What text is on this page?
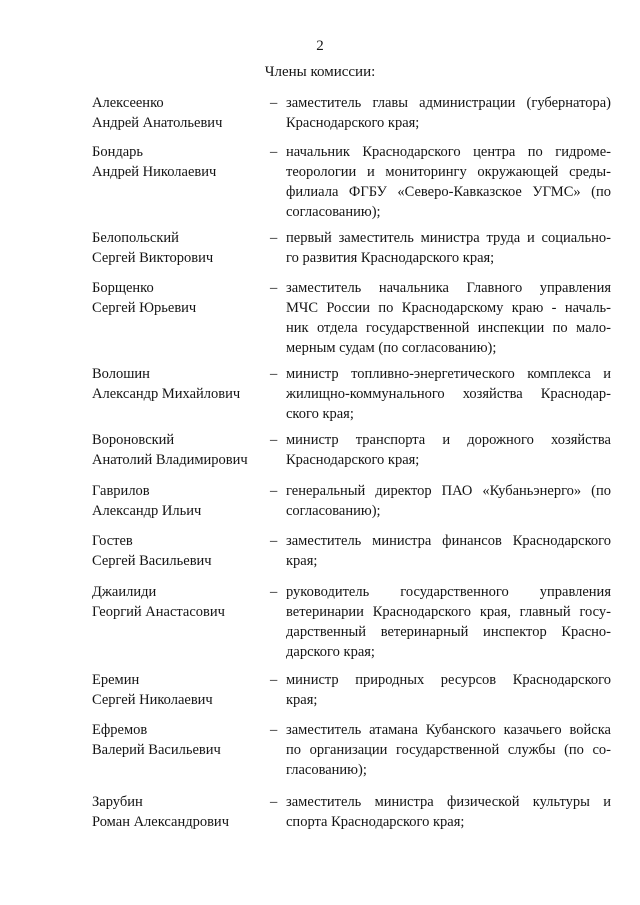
2
Члены комиссии:
Алексеенко
Андрей Анатольевич
– заместитель главы администрации (губернатора)
Краснодарского края;
Бондарь
Андрей Николаевич
– начальник Краснодарского центра по гидроме-
теорологии и мониторингу окружающей среды-
филиала ФГБУ «Северо-Кавказское УГМС» (по
согласованию);
Белопольский
Сергей Викторович
– первый заместитель министра труда и социально-
го развития Краснодарского края;
Борщенко
Сергей Юрьевич
– заместитель начальника Главного управления
МЧС России по Краснодарскому краю - началь-
ник отдела государственной инспекции по мало-
мерным судам (по согласованию);
Волошин
Александр Михайлович
– министр топливно-энергетического комплекса и
жилищно-коммунального хозяйства Краснодар-
ского края;
Вороновский
Анатолий Владимирович
– министр транспорта и дорожного хозяйства
Краснодарского края;
Гаврилов
Александр Ильич
– генеральный директор ПАО «Кубаньэнерго» (по
согласованию);
Гостев
Сергей Васильевич
– заместитель министра финансов Краснодарского
края;
Джаилиди
Георгий Анастасович
– руководитель государственного управления
ветеринарии Краснодарского края, главный госу-
дарственный ветеринарный инспектор Красно-
дарского края;
Еремин
Сергей Николаевич
– министр природных ресурсов Краснодарского
края;
Ефремов
Валерий Васильевич
– заместитель атамана Кубанского казачьего войска
по организации государственной службы (по со-
гласованию);
Зарубин
Роман Александрович
– заместитель министра физической культуры и
спорта Краснодарского края;
